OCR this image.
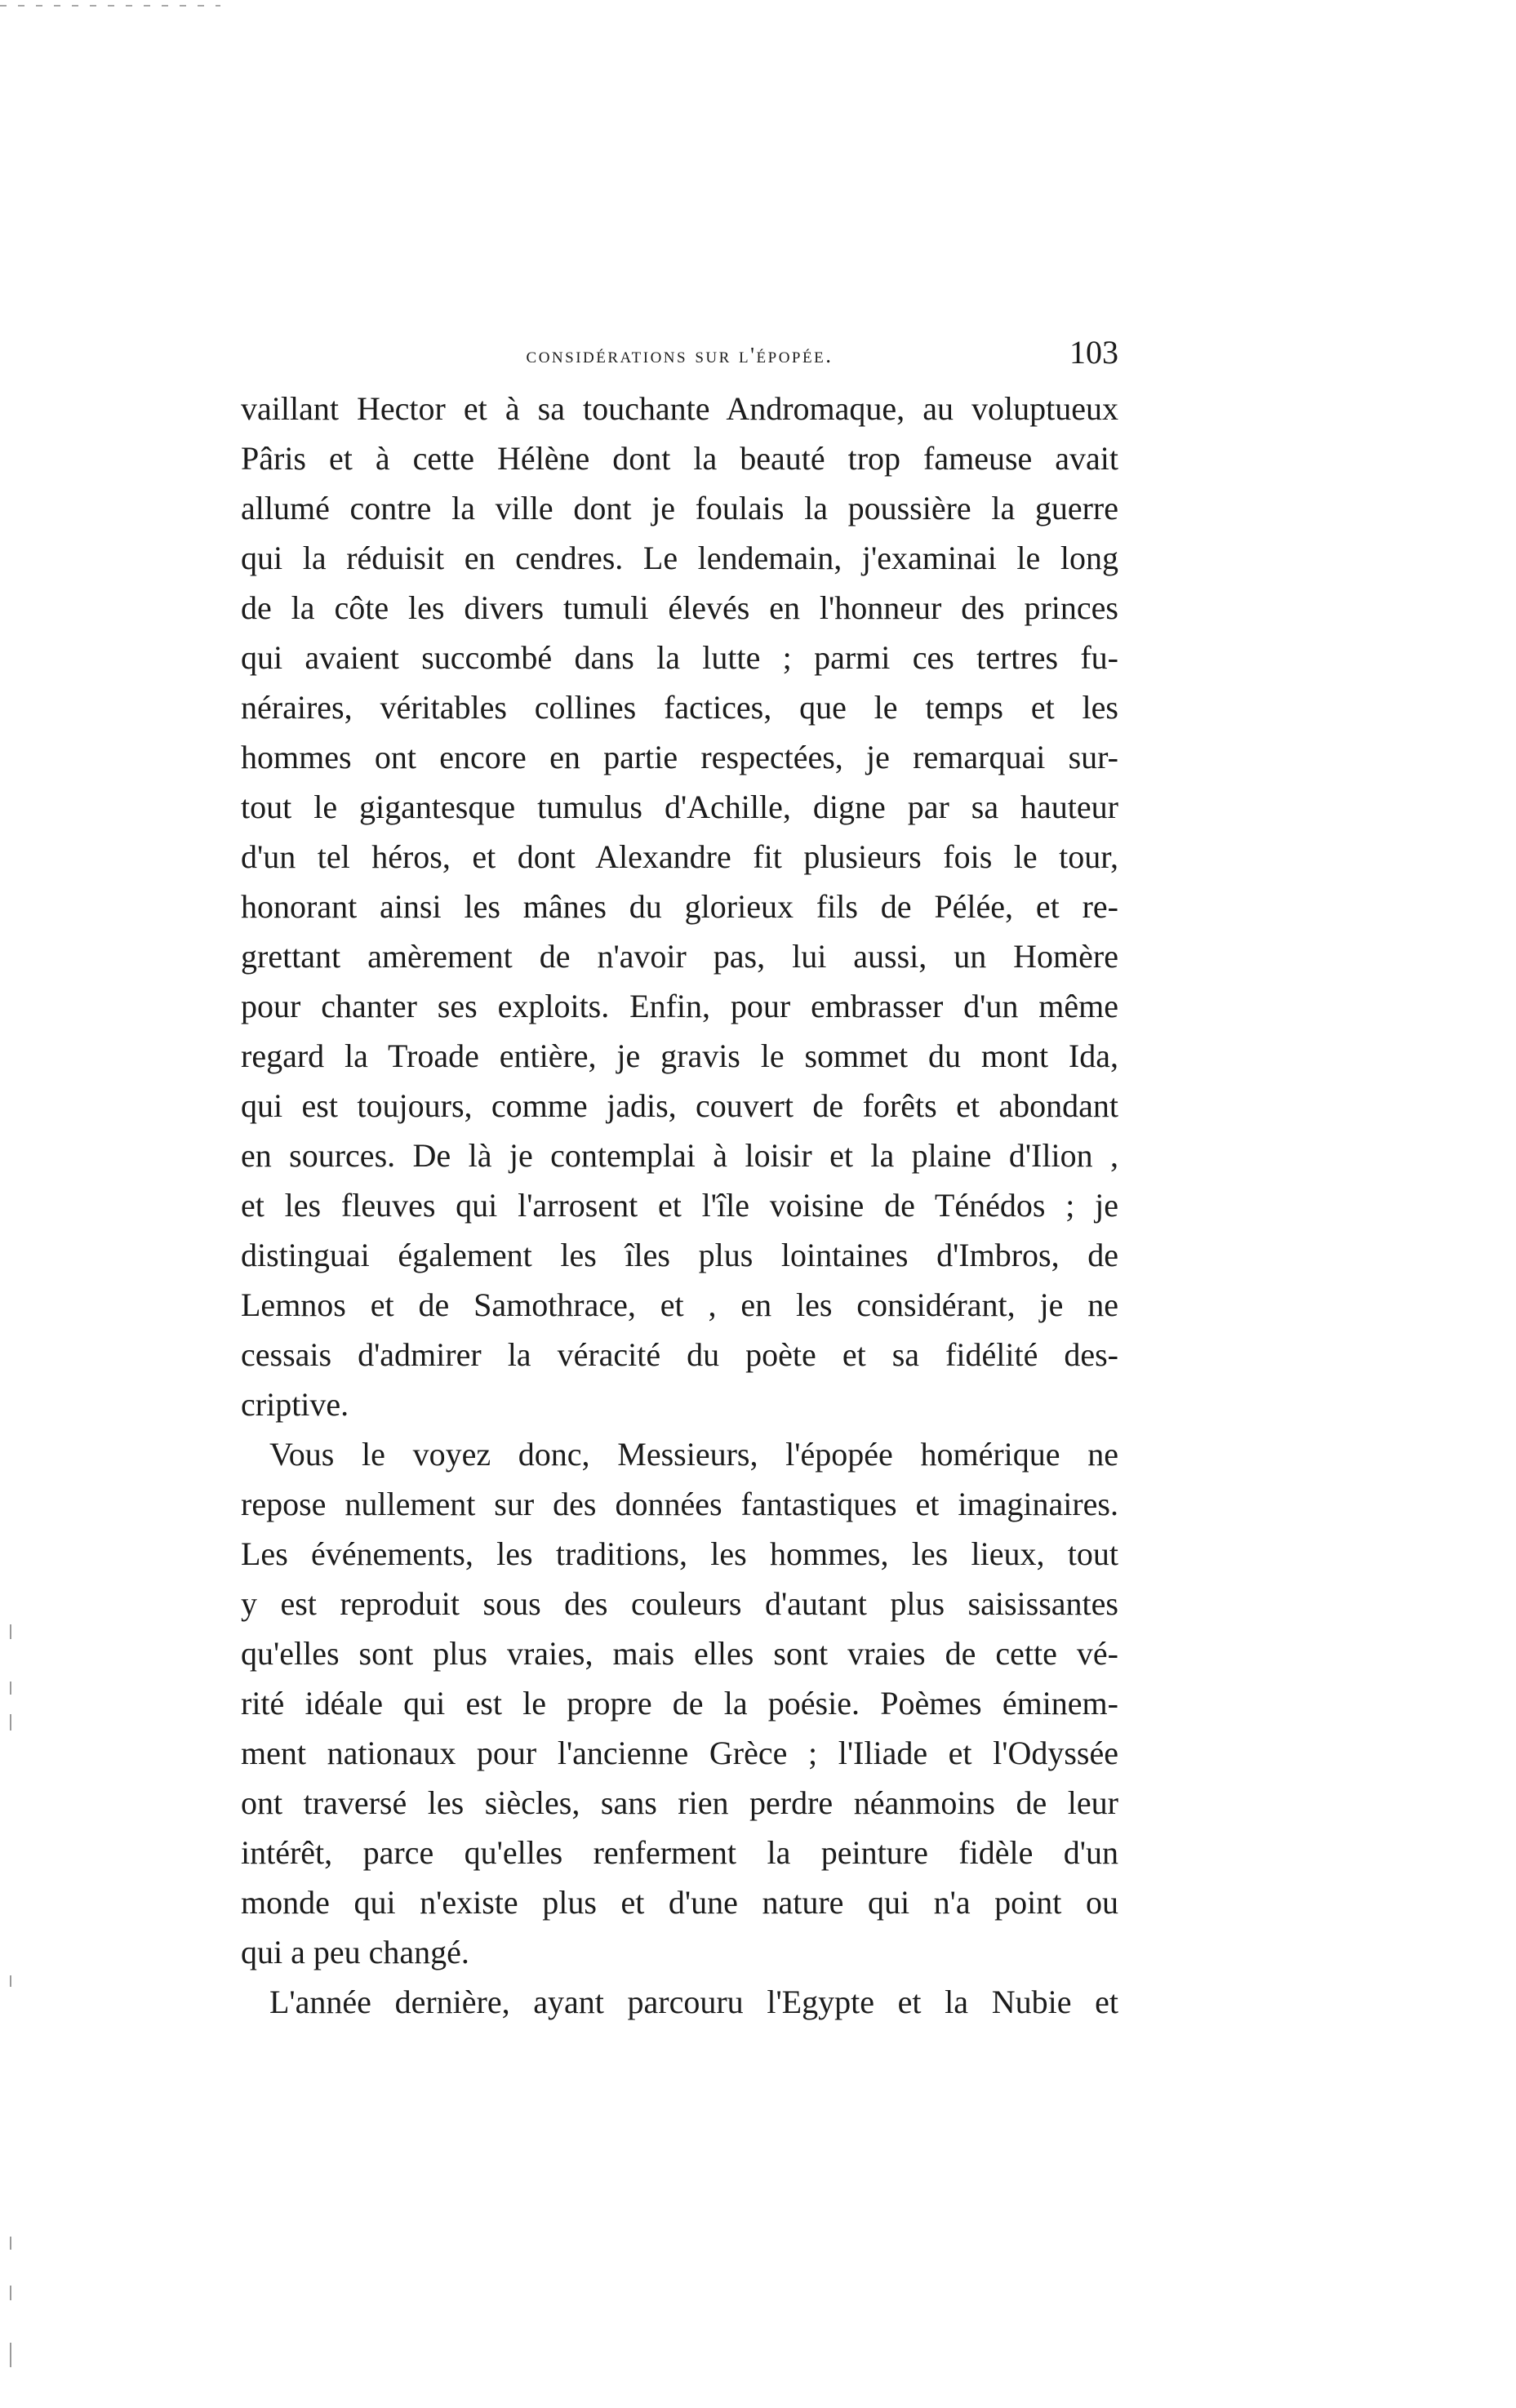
considérations sur l'épopée.	103
vaillant Hector et à sa touchante Andromaque, au voluptueux
Pâris et à cette Hélène dont la beauté trop fameuse avait
allumé contre la ville dont je foulais la poussière la guerre
qui la réduisit en cendres. Le lendemain, j'examinai le long
de la côte les divers tumuli élevés en l'honneur des princes
qui avaient succombé dans la lutte ; parmi ces tertres fu-
néraires, véritables collines factices, que le temps et les
hommes ont encore en partie respectées, je remarquai sur-
tout le gigantesque tumulus d'Achille, digne par sa hauteur
d'un tel héros, et dont Alexandre fit plusieurs fois le tour,
honorant ainsi les mânes du glorieux fils de Pélée, et re-
grettant amèrement de n'avoir pas, lui aussi, un Homère
pour chanter ses exploits. Enfin, pour embrasser d'un même
regard la Troade entière, je gravis le sommet du mont Ida,
qui est toujours, comme jadis, couvert de forêts et abondant
en sources. De là je contemplai à loisir et la plaine d'Ilion ,
et les fleuves qui l'arrosent et l'île voisine de Ténédos ; je
distinguai également les îles plus lointaines d'Imbros, de
Lemnos et de Samothrace, et , en les considérant, je ne
cessais d'admirer la véracité du poète et sa fidélité des-
criptive.
Vous le voyez donc, Messieurs, l'épopée homérique ne
repose nullement sur des données fantastiques et imaginaires.
Les événements, les traditions, les hommes, les lieux, tout
y est reproduit sous des couleurs d'autant plus saisissantes
qu'elles sont plus vraies, mais elles sont vraies de cette vé-
rité idéale qui est le propre de la poésie. Poèmes éminem-
ment nationaux pour l'ancienne Grèce ; l'Iliade et l'Odyssée
ont traversé les siècles, sans rien perdre néanmoins de leur
intérêt, parce qu'elles renferment la peinture fidèle d'un
monde qui n'existe plus et d'une nature qui n'a point ou
qui a peu changé.
L'année dernière, ayant parcouru l'Egypte et la Nubie et
